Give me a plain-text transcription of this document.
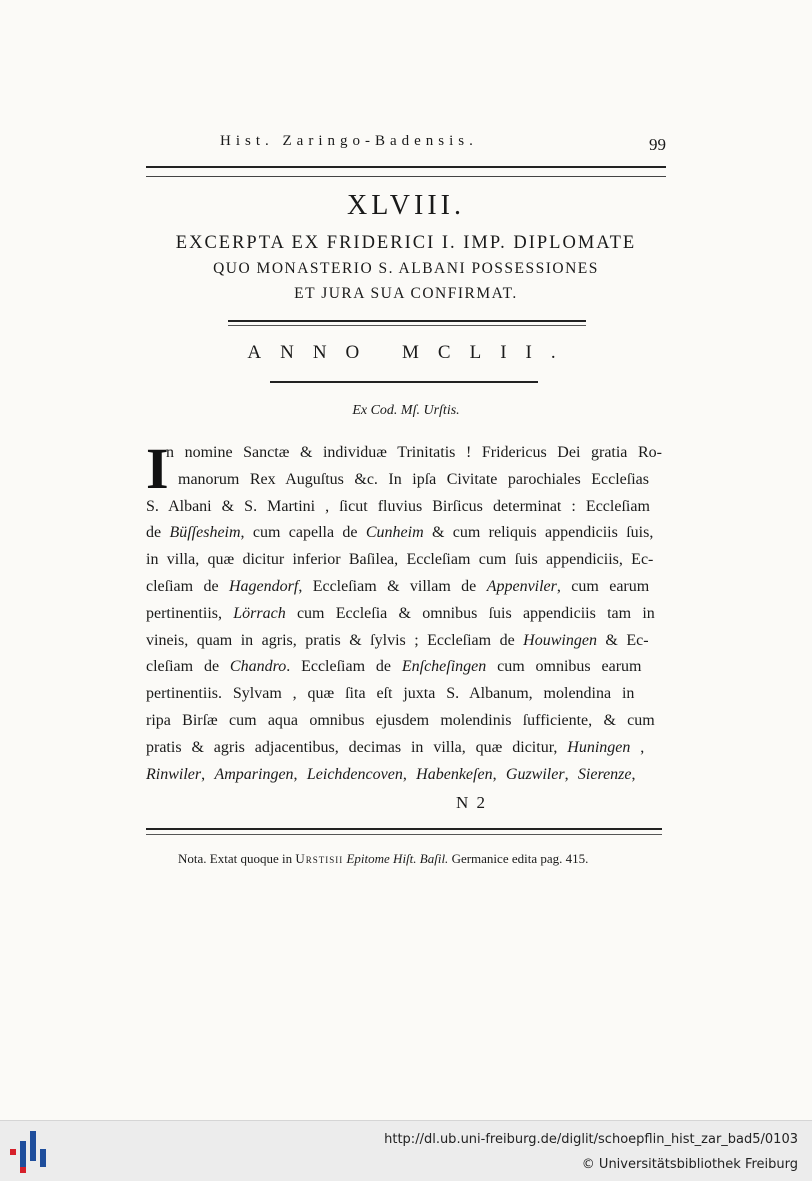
Hist. Zaringo-Badensis.	99
XLVIII.
EXCERPTA EX FRIDERICI I. IMP. DIPLOMATE
QUO MONASTERIO S. ALBANI POSSESSIONES
ET JURA SUA CONFIRMAT.
ANNO MCLII.
Ex Cod. Mſ. Urſtis.
I
n nomine Sanctæ & individuæ Trinitatis ! Fridericus Dei gratia Ro-
manorum Rex Auguſtus &c. In ipſa Civitate parochiales Eccleſias
S. Albani & S. Martini , ſicut fluvius Birſicus determinat : Eccleſiam
de Büſſesheim, cum capella de Cunheim & cum reliquis appendiciis ſuis,
in villa, quæ dicitur inferior Baſilea, Eccleſiam cum ſuis appendiciis, Ec-
cleſiam de Hagendorf, Eccleſiam & villam de Appenviler, cum earum
pertinentiis, Lörrach cum Eccleſia & omnibus ſuis appendiciis tam in
vineis, quam in agris, pratis & ſylvis ; Eccleſiam de Houwingen & Ec-
cleſiam de Chandro. Eccleſiam de Enſcheſingen cum omnibus earum
pertinentiis. Sylvam , quæ ſita eſt juxta S. Albanum, molendina in
ripa Birſæ cum aqua omnibus ejusdem molendinis ſufficiente, & cum
pratis & agris adjacentibus, decimas in villa, quæ dicitur, Huningen ,
Rinwiler, Amparingen, Leichdencoven, Habenkeſen, Guzwiler, Sierenze,
N 2
Nota. Extat quoque in Urstisii Epitome Hiſt. Baſil. Germanice edita pag. 415.
http://dl.ub.uni-freiburg.de/diglit/schoepflin_hist_zar_bad5/0103
© Universitätsbibliothek Freiburg
